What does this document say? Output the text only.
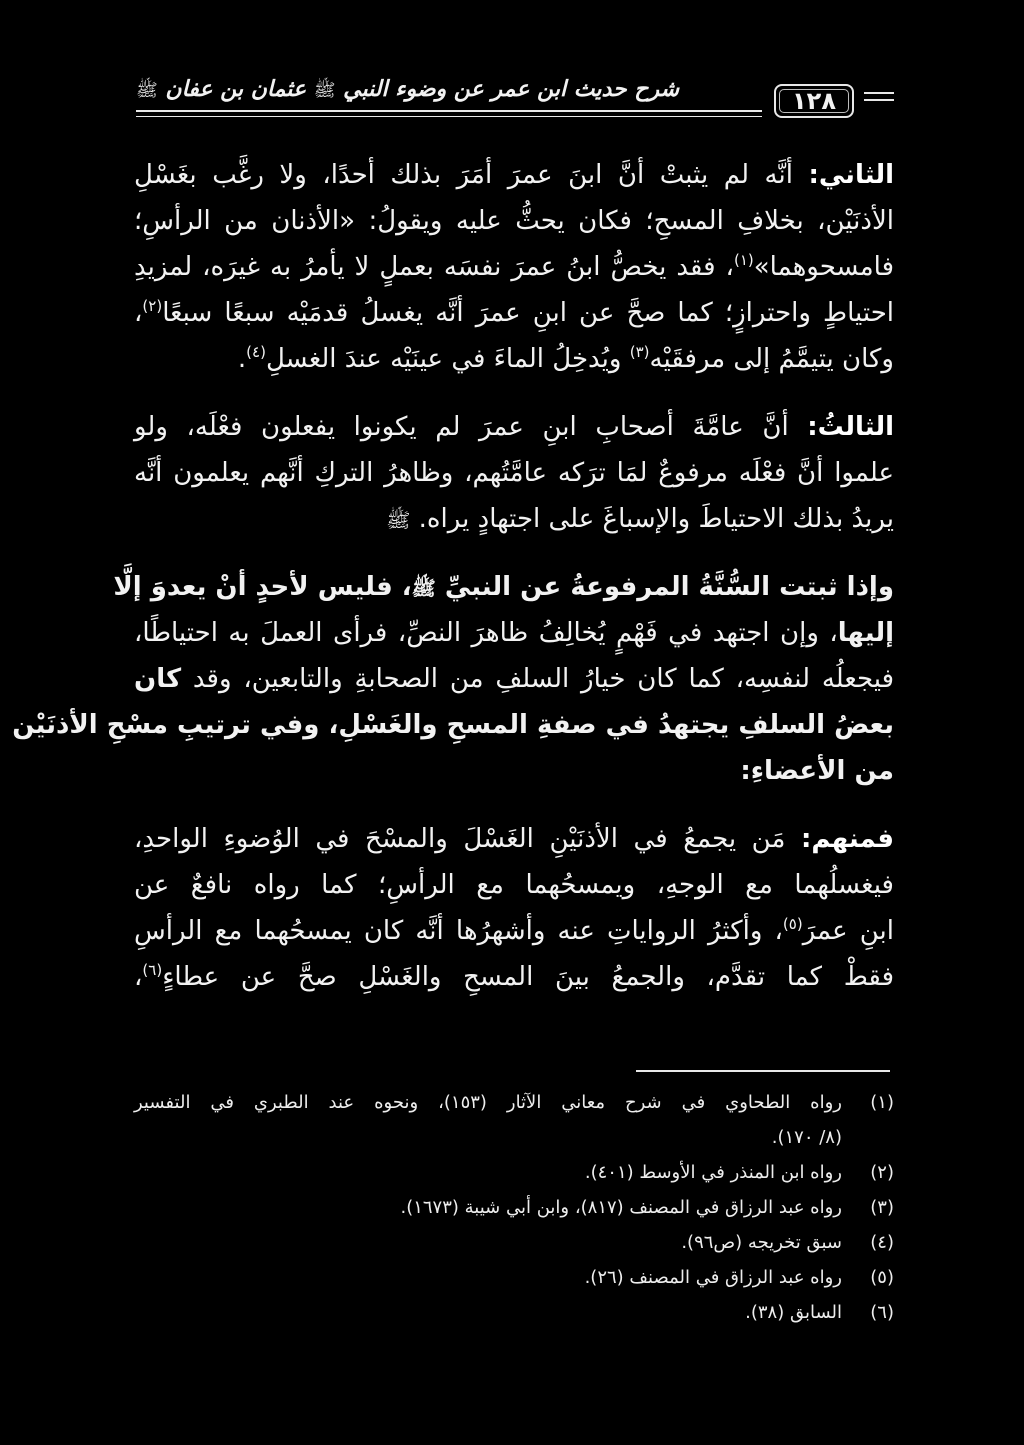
١٢٨
شرح حديث ابن عمر عن وضوء النبي ﷺ عثمان بن عفان ﷺ
الثاني: أنَّه لم يثبتْ أنَّ ابنَ عمرَ أمَرَ بذلك أحدًا، ولا رغَّب بغَسْلِ
الأذنَيْن، بخلافِ المسحِ؛ فكان يحثُّ عليه ويقولُ: «الأذنان من الرأسِ؛
فامسحوهما»$^{(١)}$، فقد يخصُّ ابنُ عمرَ نفسَه بعملٍ لا يأمرُ به غيرَه، لمزيدِ
احتياطٍ واحترازٍ؛ كما صحَّ عن ابنِ عمرَ أنَّه يغسلُ قدمَيْه سبعًا سبعًا$^{(٢)}$،
وكان يتيمَّمُ إلى مرفقَيْه$^{(٣)}$ ويُدخِلُ الماءَ في عينَيْه عندَ الغسلِ$^{(٤)}$.
الثالثُ: أنَّ عامَّةَ أصحابِ ابنِ عمرَ لم يكونوا يفعلون فعْلَه، ولو
علموا أنَّ فعْلَه مرفوعٌ لمَا ترَكه عامَّتُهم، وظاهرُ التركِ أنَّهم يعلمون أنَّه
يريدُ بذلك الاحتياطَ والإسباغَ على اجتهادٍ يراه. ﷺ
وإذا ثبتت السُّنَّةُ المرفوعةُ عن النبيِّ ﷺ، فليس لأحدٍ أنْ يعدوَ إلَّا
إليها، وإن اجتهد في فَهْمٍ يُخالِفُ ظاهرَ النصِّ، فرأى العملَ به احتياطًا،
فيجعلُه لنفسِه، كما كان خيارُ السلفِ من الصحابةِ والتابعين، وقد كان
بعضُ السلفِ يجتهدُ في صفةِ المسحِ والغَسْلِ، وفي ترتيبِ مسْحِ الأذنَيْن
من الأعضاءِ:
فمنهم: مَن يجمعُ في الأذنَيْنِ الغَسْلَ والمسْحَ في الوُضوءِ الواحدِ،
فيغسلُهما مع الوجهِ، ويمسحُهما مع الرأسِ؛ كما رواه نافعٌ عن
ابنِ عمرَ$^{(٥)}$، وأكثرُ الرواياتِ عنه وأشهرُها أنَّه كان يمسحُهما مع الرأسِ
فقطْ كما تقدَّم، والجمعُ بينَ المسحِ والغَسْلِ صحَّ عن عطاءٍ$^{(٦)}$،
(١)
رواه الطحاوي في شرح معاني الآثار (١٥٣)، ونحوه عند الطبري في التفسير
(٨/ ١٧٠).
(٢)
رواه ابن المنذر في الأوسط (٤٠١).
(٣)
رواه عبد الرزاق في المصنف (٨١٧)، وابن أبي شيبة (١٦٧٣).
(٤)
سبق تخريجه (ص٩٦).
(٥)
رواه عبد الرزاق في المصنف (٢٦).
(٦)
السابق (٣٨).
